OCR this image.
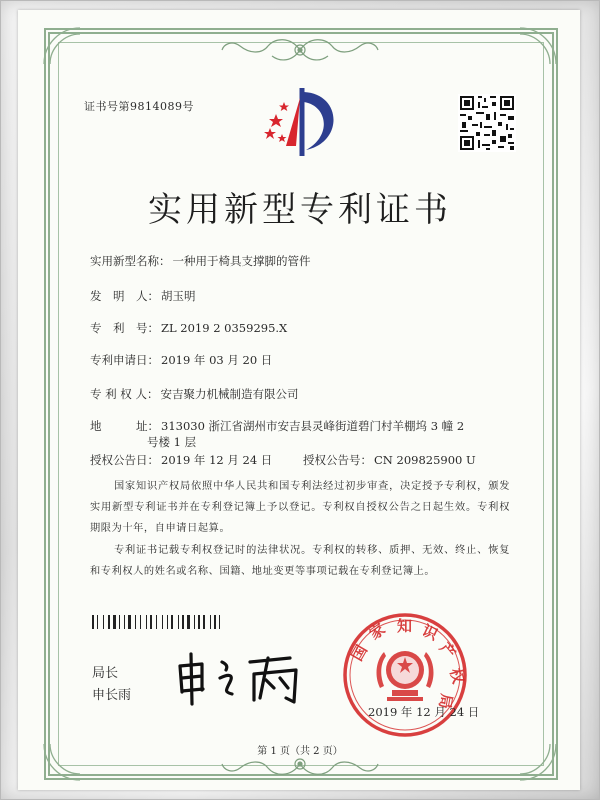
证书号第9814089号
实用新型专利证书
实用新型名称： 一种用于椅具支撑脚的管件
发　明　人： 胡玉明
专　利　号： ZL 2019 2 0359295.X
专利申请日： 2019 年 03 月 20 日
专 利 权 人： 安吉聚力机械制造有限公司
地　　　址： 313030 浙江省湖州市安吉县灵峰街道碧门村羊棚坞 3 幢 2
号楼 1 层
授权公告日： 2019 年 12 月 24 日	授权公告号： CN 209825900 U

国家知识产权局依照中华人民共和国专利法经过初步审查，决定授予专利权，颁发实用新型专利证书并在专利登记簿上予以登记。专利权自授权公告之日起生效。专利权期限为十年，自申请日起算。

专利证书记载专利权登记时的法律状况。专利权的转移、质押、无效、终止、恢复和专利权人的姓名或名称、国籍、地址变更等事项记载在专利登记簿上。

局长
申长雨
国
家 知 识
产
权
局
2019 年 12 月 24 日
第 1 页（共 2 页）
